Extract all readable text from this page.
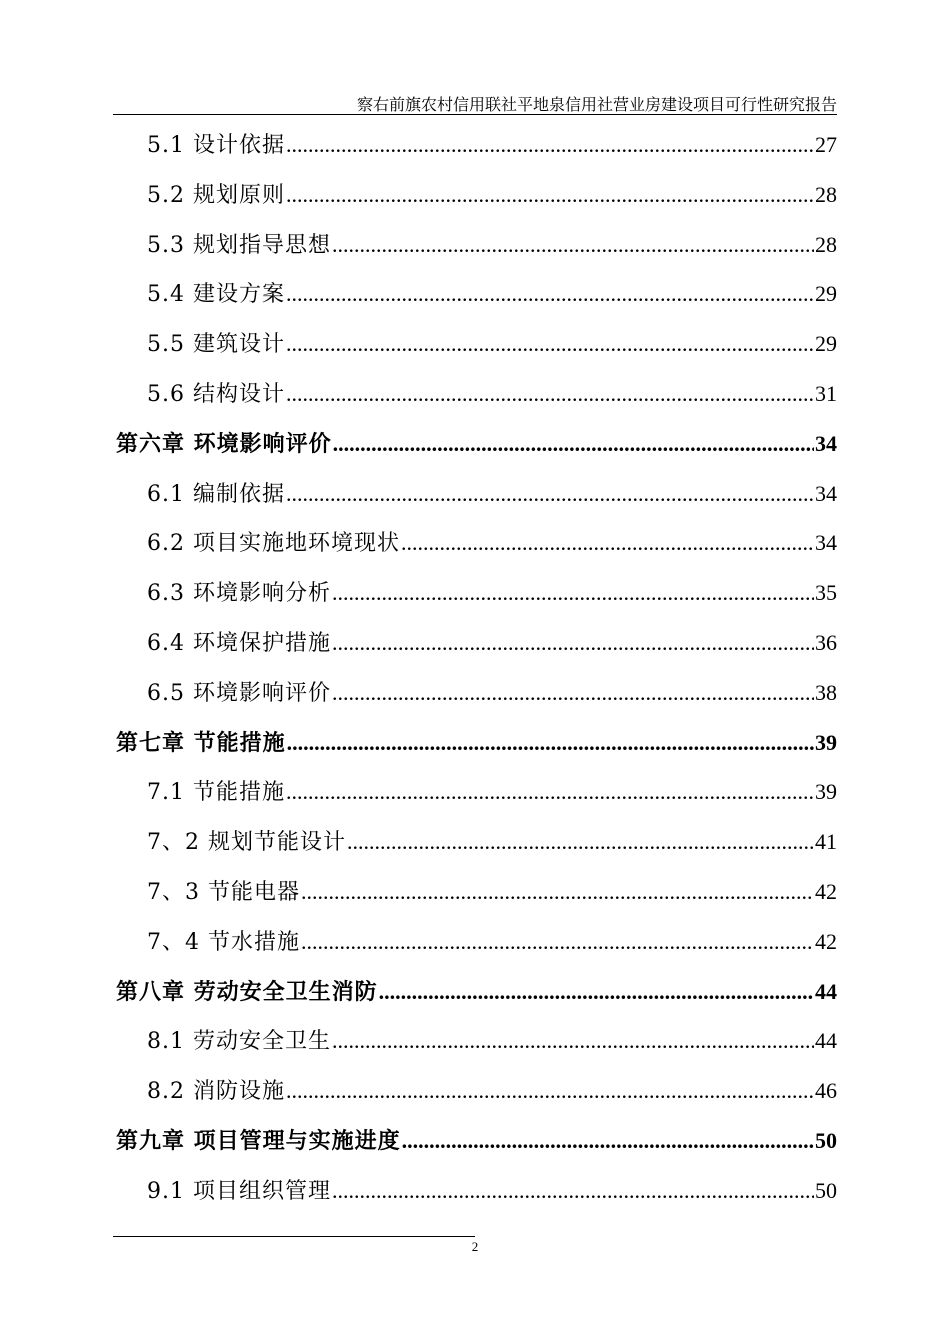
察右前旗农村信用联社平地泉信用社营业房建设项目可行性研究报告
5.1 设计依据 .....	27
5.2 规划原则 .....	28
5.3 规划指导思想 .....	28
5.4 建设方案 .....	29
5.5 建筑设计 .....	29
5.6 结构设计 .....	31
第六章 环境影响评价 .....	34
6.1 编制依据 .....	34
6.2 项目实施地环境现状 .....	34
6.3 环境影响分析 .....	35
6.4 环境保护措施 .....	36
6.5 环境影响评价 .....	38
第七章 节能措施 .....	39
7.1 节能措施 .....	39
7、2 规划节能设计 .....	41
7、3 节能电器 .....	42
7、4 节水措施 .....	42
第八章 劳动安全卫生消防 .....	44
8.1 劳动安全卫生 .....	44
8.2 消防设施 .....	46
第九章 项目管理与实施进度 .....	50
9.1 项目组织管理 .....	50
2
